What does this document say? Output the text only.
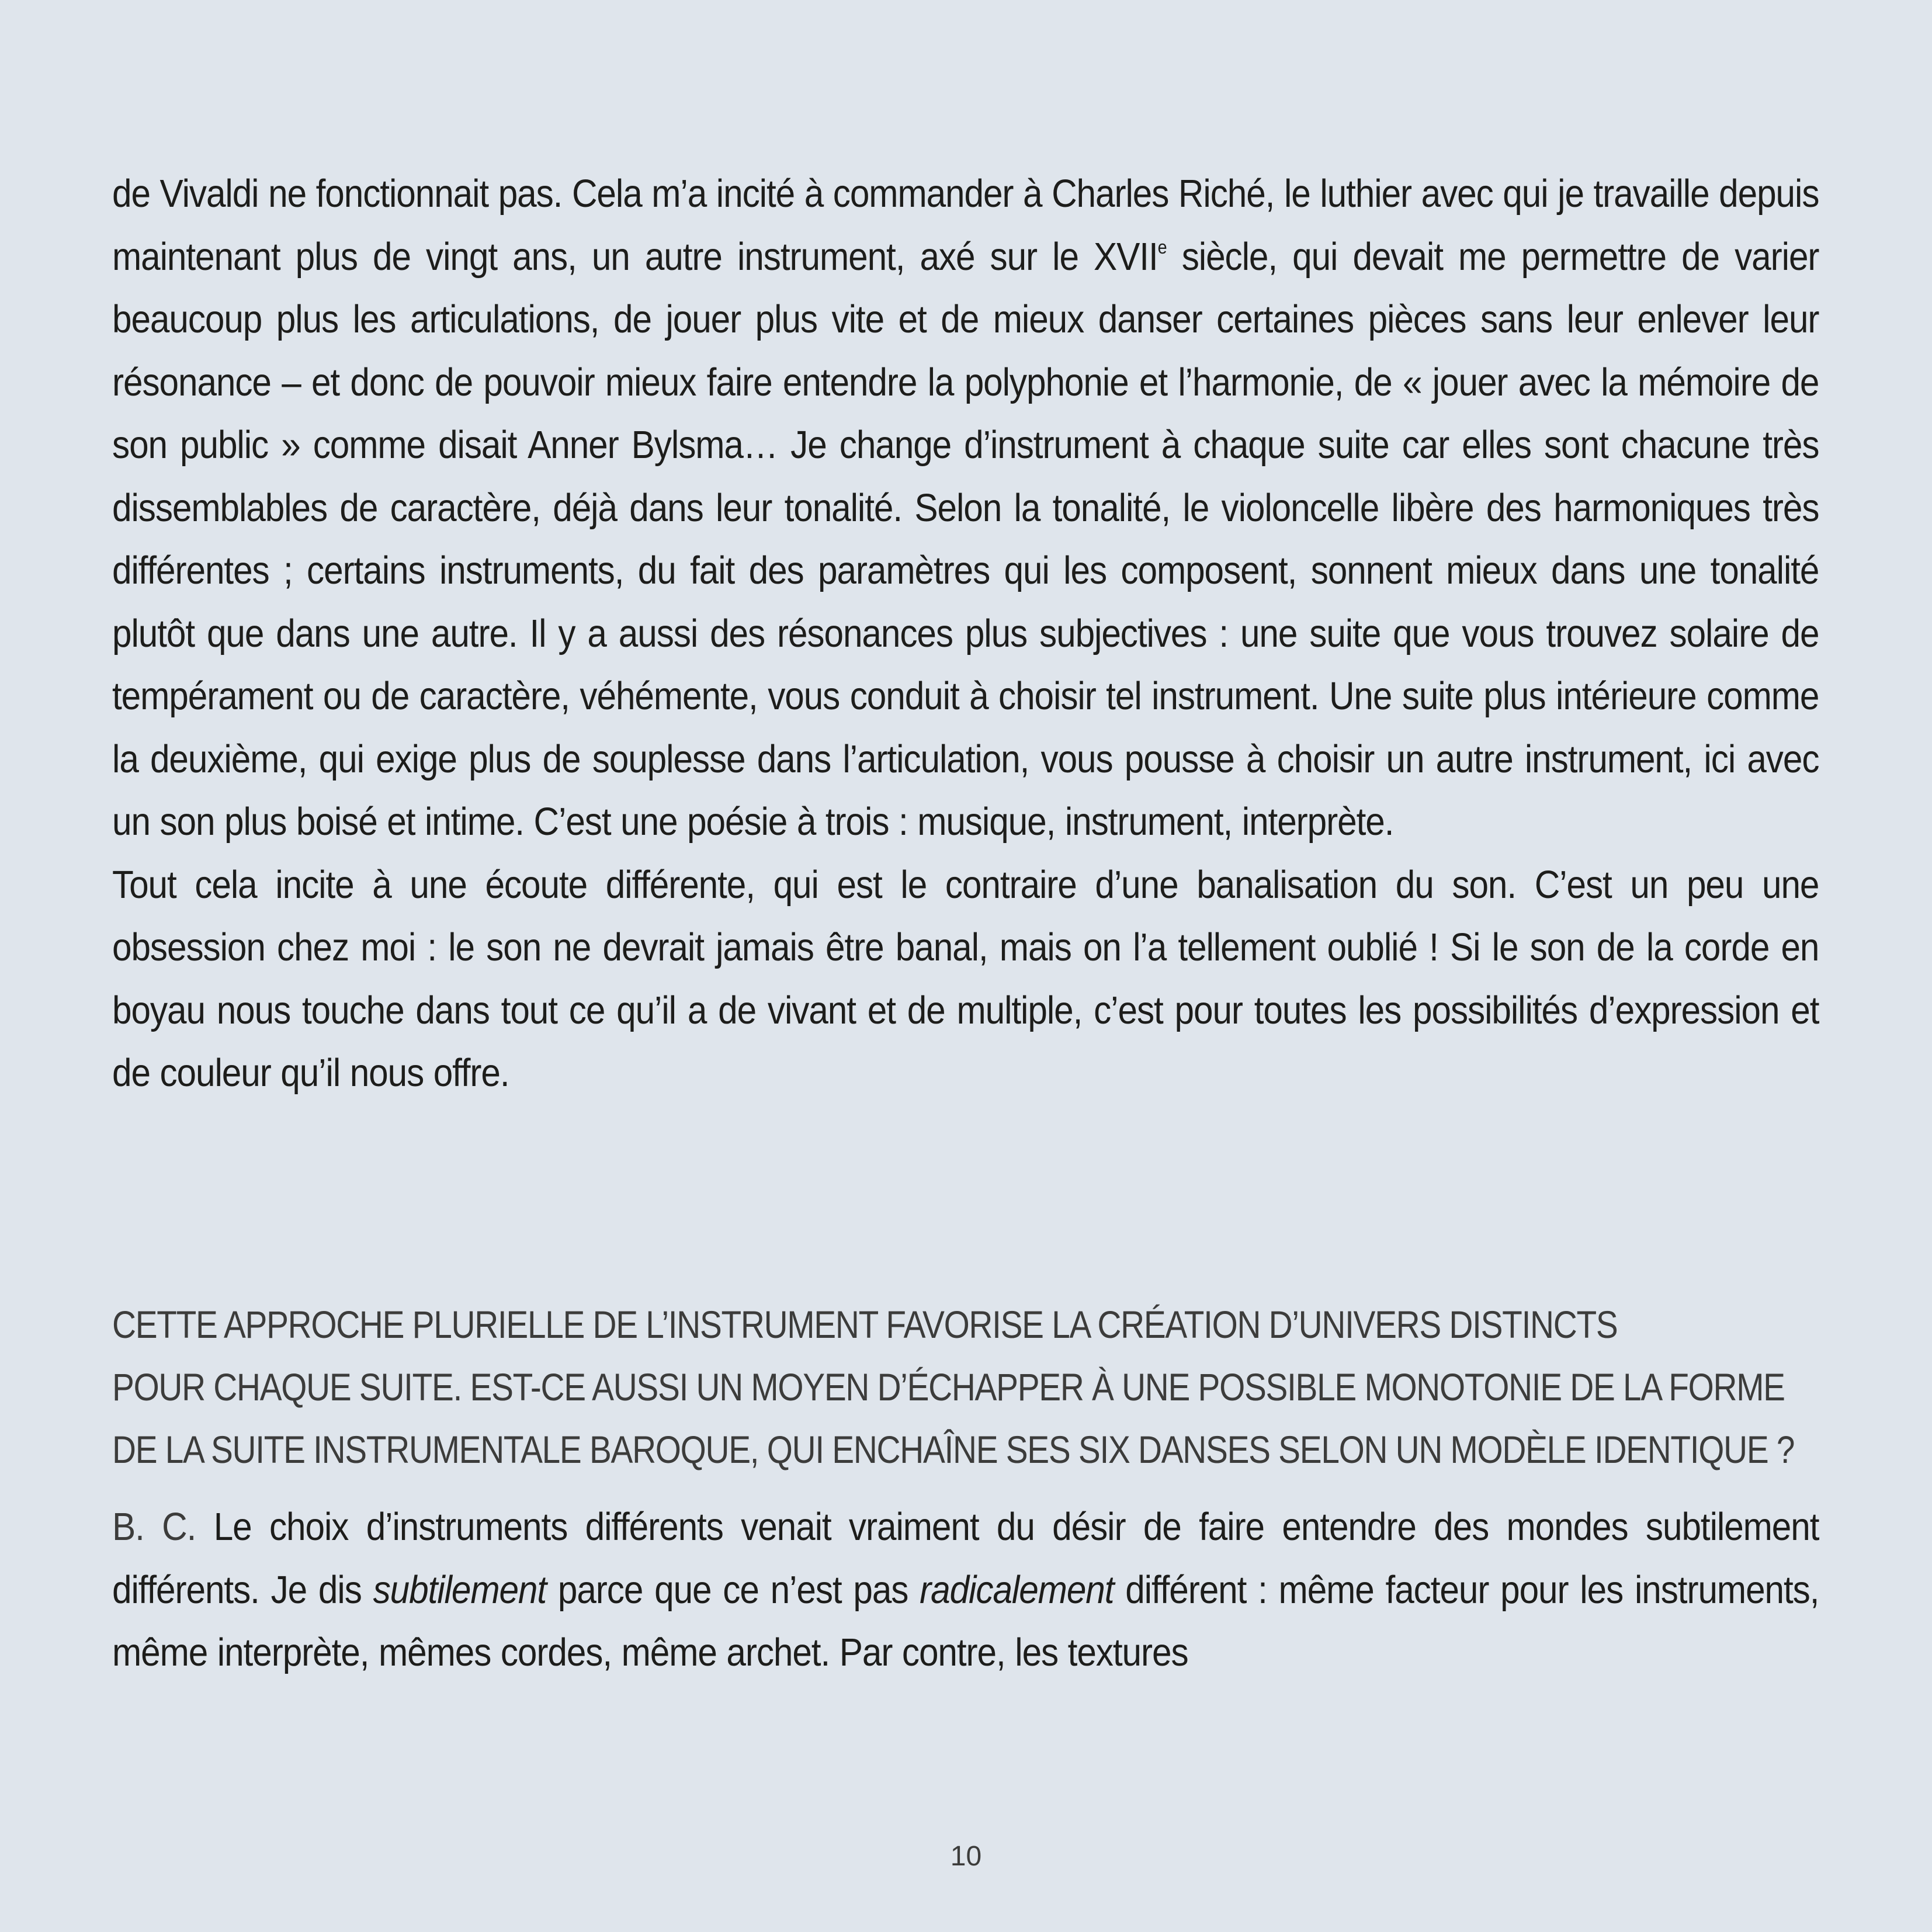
de Vivaldi ne fonctionnait pas. Cela m’a incité à commander à Charles Riché, le luthier avec qui je travaille depuis maintenant plus de vingt ans, un autre instrument, axé sur le XVIIe siècle, qui devait me permettre de varier beaucoup plus les articulations, de jouer plus vite et de mieux danser certaines pièces sans leur enlever leur résonance – et donc de pouvoir mieux faire entendre la polyphonie et l’harmonie, de « jouer avec la mémoire de son public » comme disait Anner Bylsma… Je change d’instrument à chaque suite car elles sont chacune très dissemblables de caractère, déjà dans leur tonalité. Selon la tonalité, le violoncelle libère des harmoniques très différentes ; certains instruments, du fait des paramètres qui les composent, sonnent mieux dans une tonalité plutôt que dans une autre. Il y a aussi des résonances plus subjectives : une suite que vous trouvez solaire de tempérament ou de caractère, véhémente, vous conduit à choisir tel instrument. Une suite plus intérieure comme la deuxième, qui exige plus de souplesse dans l’articulation, vous pousse à choisir un autre instrument, ici avec un son plus boisé et intime. C’est une poésie à trois : musique, instrument, interprète.

Tout cela incite à une écoute différente, qui est le contraire d’une banalisation du son. C’est un peu une obsession chez moi : le son ne devrait jamais être banal, mais on l’a tellement oublié ! Si le son de la corde en boyau nous touche dans tout ce qu’il a de vivant et de multiple, c’est pour toutes les possibilités d’expression et de couleur qu’il nous offre.

CETTE APPROCHE PLURIELLE DE L’INSTRUMENT FAVORISE LA CRÉATION D’UNIVERS DISTINCTS

POUR CHAQUE SUITE. EST-CE AUSSI UN MOYEN D’ÉCHAPPER À UNE POSSIBLE MONOTONIE DE LA FORME

DE LA SUITE INSTRUMENTALE BAROQUE, QUI ENCHAÎNE SES SIX DANSES SELON UN MODÈLE IDENTIQUE ?

B. C. Le choix d’instruments différents venait vraiment du désir de faire entendre des mondes subtilement différents. Je dis subtilement parce que ce n’est pas radicalement différent : même facteur pour les instruments, même interprète, mêmes cordes, même archet. Par contre, les textures

10
